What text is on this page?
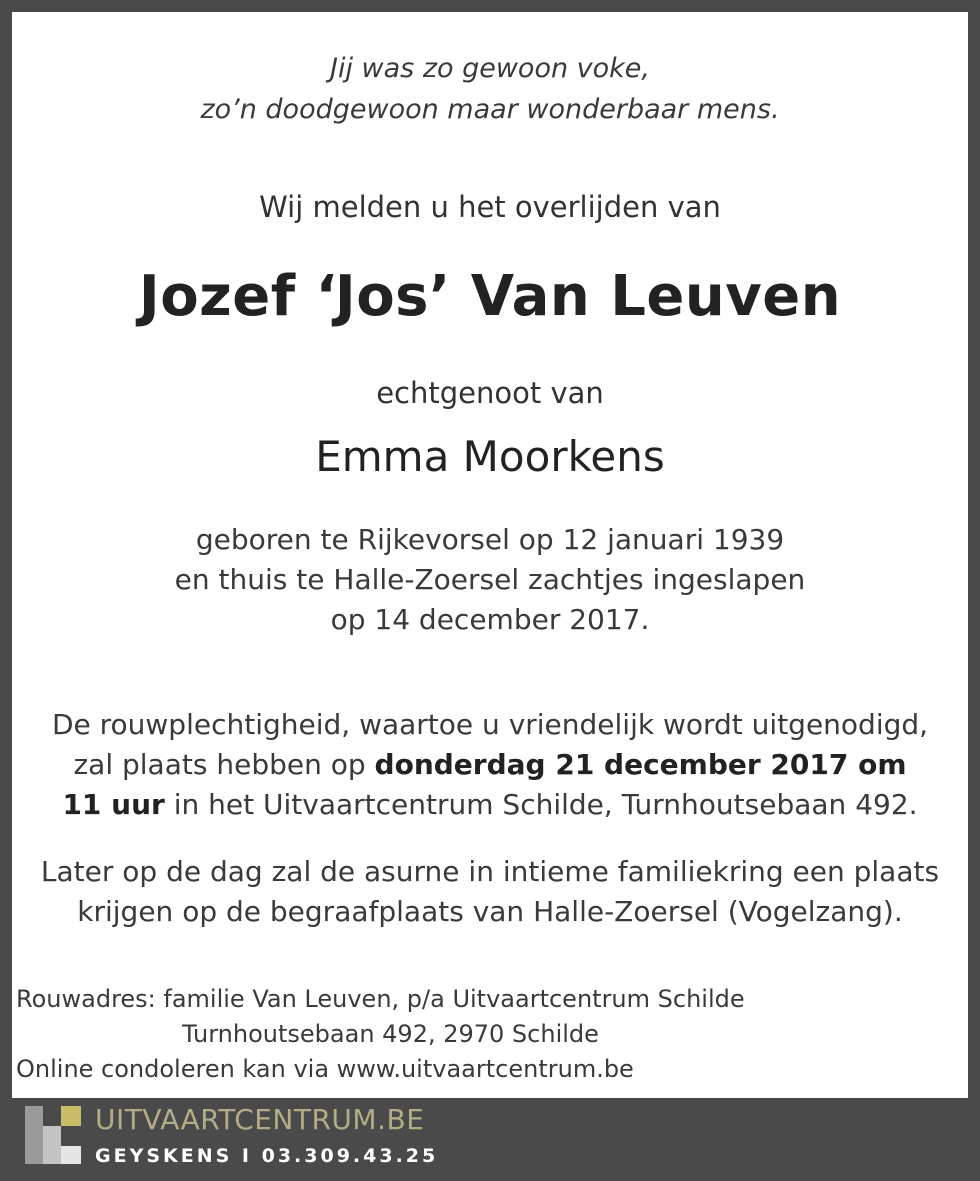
Jij was zo gewoon voke,
zo’n doodgewoon maar wonderbaar mens.
Wij melden u het overlijden van
Jozef ‘Jos’ Van Leuven
echtgenoot van
Emma Moorkens
geboren te Rijkevorsel op 12 januari 1939
en thuis te Halle-Zoersel zachtjes ingeslapen
op 14 december 2017.
De rouwplechtigheid, waartoe u vriendelijk wordt uitgenodigd,
zal plaats hebben op donderdag 21 december 2017 om
11 uur in het Uitvaartcentrum Schilde, Turnhoutsebaan 492.
Later op de dag zal de asurne in intieme familiekring een plaats
krijgen op de begraafplaats van Halle-Zoersel (Vogelzang).
Rouwadres: familie Van Leuven, p/a Uitvaartcentrum Schilde
Turnhoutsebaan 492, 2970 Schilde
Online condoleren kan via www.uitvaartcentrum.be
UITVAARTCENTRUM.BE
GEYSKENS I 03.309.43.25
